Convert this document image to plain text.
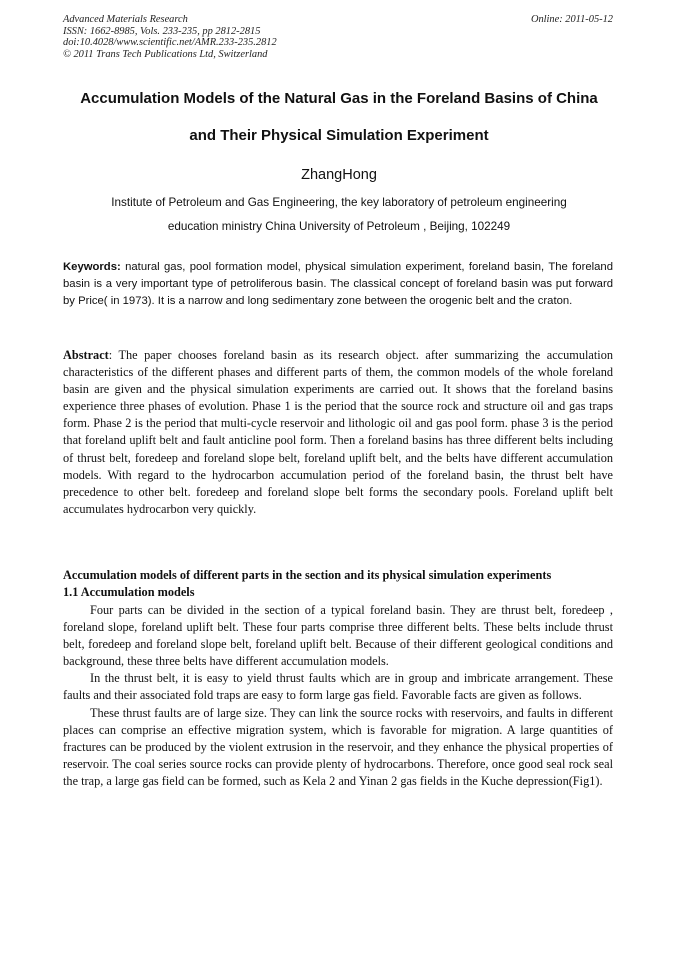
Advanced Materials Research
ISSN: 1662-8985, Vols. 233-235, pp 2812-2815
doi:10.4028/www.scientific.net/AMR.233-235.2812
© 2011 Trans Tech Publications Ltd, Switzerland
Online: 2011-05-12
Accumulation Models of the Natural Gas in the Foreland Basins of China
and Their Physical Simulation Experiment
ZhangHong
Institute of Petroleum and Gas Engineering, the key laboratory of petroleum engineering
education ministry China University of Petroleum , Beijing, 102249
Keywords: natural gas, pool formation model, physical simulation experiment, foreland basin, The foreland basin is a very important type of petroliferous basin. The classical concept of foreland basin was put forward by Price( in 1973). It is a narrow and long sedimentary zone between the orogenic belt and the craton.
Abstract: The paper chooses foreland basin as its research object. after summarizing the accumulation characteristics of the different phases and different parts of them, the common models of the whole foreland basin are given and the physical simulation experiments are carried out. It shows that the foreland basins experience three phases of evolution. Phase 1 is the period that the source rock and structure oil and gas traps form. Phase 2 is the period that multi-cycle reservoir and lithologic oil and gas pool form. phase 3 is the period that foreland uplift belt and fault anticline pool form. Then a foreland basins has three different belts including of thrust belt, foredeep and foreland slope belt, foreland uplift belt, and the belts have different accumulation models. With regard to the hydrocarbon accumulation period of the foreland basin, the thrust belt have precedence to other belt. foredeep and foreland slope belt forms the secondary pools. Foreland uplift belt accumulates hydrocarbon very quickly.
Accumulation models of different parts in the section and its physical simulation experiments
1.1 Accumulation models

Four parts can be divided in the section of a typical foreland basin. They are thrust belt, foredeep , foreland slope, foreland uplift belt. These four parts comprise three different belts. These belts include thrust belt, foredeep and foreland slope belt, foreland uplift belt. Because of their different geological conditions and background, these three belts have different accumulation models.

In the thrust belt, it is easy to yield thrust faults which are in group and imbricate arrangement. These faults and their associated fold traps are easy to form large gas field. Favorable facts are given as follows.

These thrust faults are of large size. They can link the source rocks with reservoirs, and faults in different places can comprise an effective migration system, which is favorable for migration. A large quantities of fractures can be produced by the violent extrusion in the reservoir, and they enhance the physical properties of reservoir. The coal series source rocks can provide plenty of hydrocarbons. Therefore, once good seal rock seal the trap, a large gas field can be formed, such as Kela 2 and Yinan 2 gas fields in the Kuche depression(Fig1).
